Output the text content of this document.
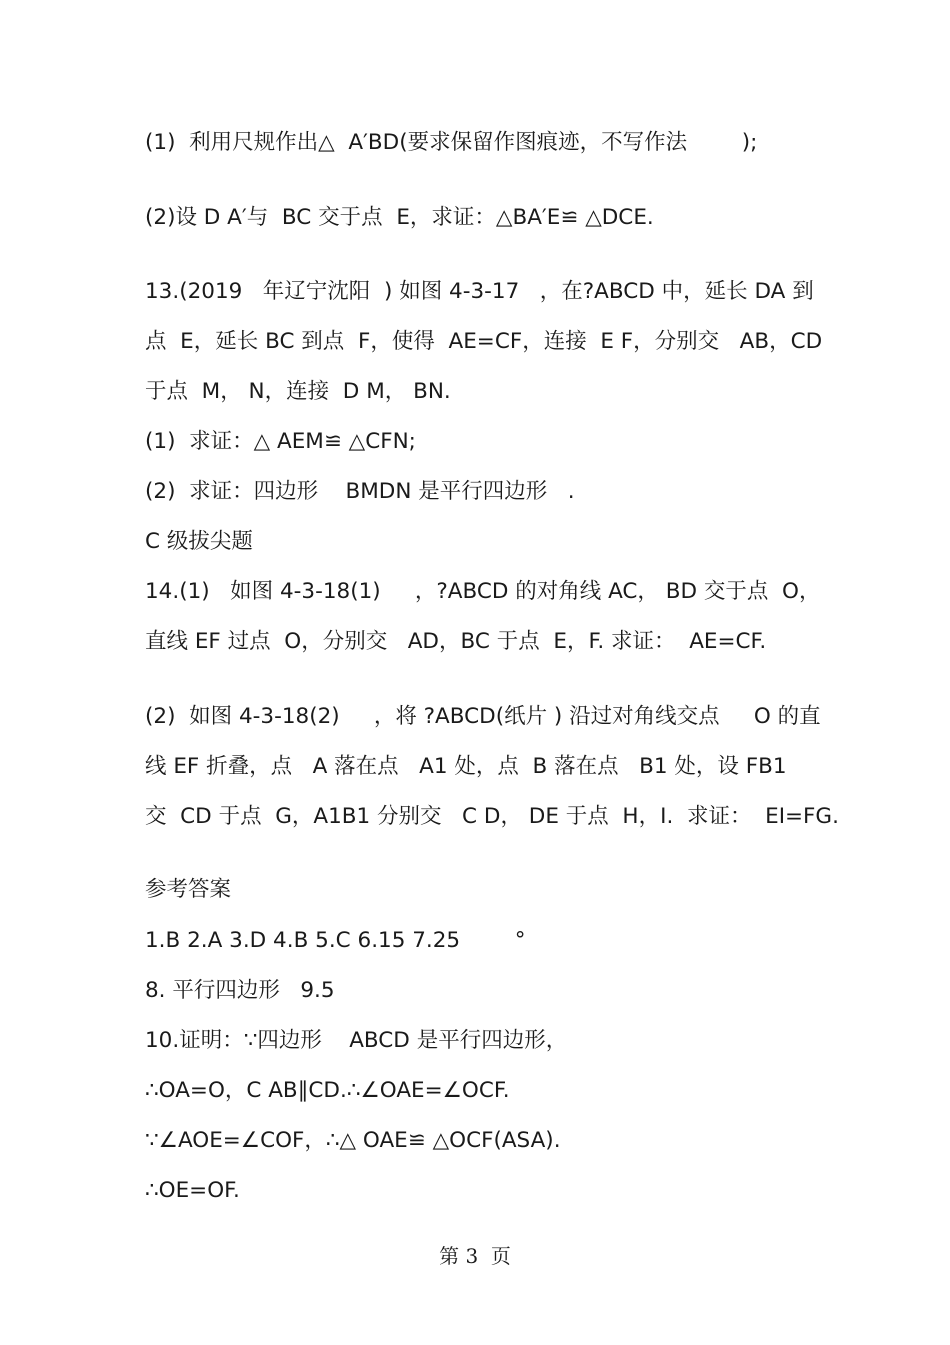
(1)  利用尺规作出△  A′BD(要求保留作图痕迹，不写作法        );
(2)设 D A′与  BC 交于点  E，求证：△BA′E≌ △DCE.
13.(2019   年辽宁沈阳  ) 如图 4-3-17   ，在?ABCD 中，延长 DA 到
点  E，延长 BC 到点  F，使得  AE=CF，连接  E F，分别交   AB，CD
于点  M， N，连接  D M， BN.
(1)  求证：△ AEM≌ △CFN;
(2)  求证：四边形    BMDN 是平行四边形   .
C 级拔尖题
14.(1)   如图 4-3-18(1)     ，?ABCD 的对角线 AC， BD 交于点  O，
直线 EF 过点  O，分别交   AD，BC 于点  E，F. 求证：  AE=CF.
(2)  如图 4-3-18(2)     ，将 ?ABCD(纸片 ) 沿过对角线交点     O 的直
线 EF 折叠，点   A 落在点   A1 处，点  B 落在点   B1 处，设 FB1
交  CD 于点  G，A1B1 分别交   C D， DE 于点  H，I.  求证：  EI=FG.
参考答案
1.B 2.A 3.D 4.B 5.C 6.15 7.25        °
8. 平行四边形   9.5
10.证明：∵四边形    ABCD 是平行四边形，
∴OA=O，C AB∥CD.∴∠OAE=∠OCF.
∵∠AOE=∠COF，∴△ OAE≌ △OCF(ASA).
∴OE=OF.
第 3  页
